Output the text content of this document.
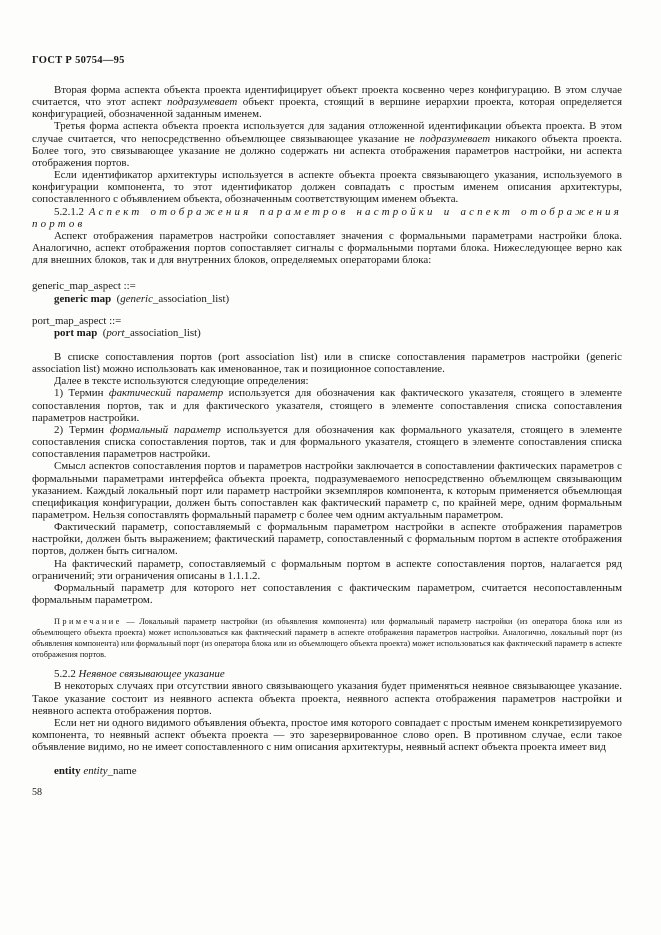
ГОСТ Р 50754—95

Вторая форма аспекта объекта проекта идентифицирует объект проекта косвенно через конфигурацию. В этом случае считается, что этот аспект подразумевает объект проекта, стоящий в вершине иерархии проекта, которая определяется конфигурацией, обозначенной заданным именем.

Третья форма аспекта объекта проекта используется для задания отложенной идентификации объекта проекта. В этом случае считается, что непосредственно объемлющее связывающее указание не подразумевает никакого объекта проекта. Более того, это связывающее указание не должно содержать ни аспекта отображения параметров настройки, ни аспекта отображения портов.

Если идентификатор архитектуры используется в аспекте объекта проекта связывающего указания, используемого в конфигурации компонента, то этот идентификатор должен совпадать с простым именем описания архитектуры, сопоставленного с объявлением объекта, обозначенным соответствующим именем объекта.

5.2.1.2 Аспект отображения параметров настройки и аспект отображения портов

Аспект отображения параметров настройки сопоставляет значения с формальными параметрами настройки блока. Аналогично, аспект отображения портов сопоставляет сигналы с формальными портами блока. Нижеследующее верно как для внешних блоков, так и для внутренних блоков, определяемых операторами блока:

generic_map_aspect ::=
generic map (generic_association_list)
port_map_aspect ::=
port map (port_association_list)

В списке сопоставления портов (port association list) или в списке сопоставления параметров настройки (generic association list) можно использовать как именованное, так и позиционное сопоставление.

Далее в тексте используются следующие определения:

1) Термин фактический параметр используется для обозначения как фактического указателя, стоящего в элементе сопоставления портов, так и для фактического указателя, стоящего в элементе сопоставления списка сопоставления параметров настройки.

2) Термин формальный параметр используется для обозначения как формального указателя, стоящего в элементе сопоставления списка сопоставления портов, так и для формального указателя, стоящего в элементе сопоставления списка сопоставления параметров настройки.

Смысл аспектов сопоставления портов и параметров настройки заключается в сопоставлении фактических параметров с формальными параметрами интерфейса объекта проекта, подразумеваемого непосредственно объемлющем связывающим указанием. Каждый локальный порт или параметр настройки экземпляров компонента, к которым применяется объемлющая спецификация конфигурации, должен быть сопоставлен как фактический параметр с, по крайней мере, одним формальным параметром. Нельзя сопоставлять формальный параметр с более чем одним актуальным параметром.

Фактический параметр, сопоставляемый с формальным параметром настройки в аспекте отображения параметров настройки, должен быть выражением; фактический параметр, сопоставленный с формальным портом в аспекте отображения портов, должен быть сигналом.

На фактический параметр, сопоставляемый с формальным портом в аспекте сопоставления портов, налагается ряд ограничений; эти ограничения описаны в 1.1.1.2.

Формальный параметр для которого нет сопоставления с фактическим параметром, считается несопоставленным формальным параметром.

Примечание — Локальный параметр настройки (из объявления компонента) или формальный параметр настройки (из оператора блока или из объемлющего объекта проекта) может использоваться как фактический параметр в аспекте отображения параметров настройки. Аналогично, локальный порт (из объявления компонента) или формальный порт (из оператора блока или из объемлющего объекта проекта) может использоваться как фактический параметр в аспекте отображения портов.

5.2.2 Неявное связывающее указание

В некоторых случаях при отсутствии явного связывающего указания будет применяться неявное связывающее указание. Такое указание состоит из неявного аспекта объекта проекта, неявного аспекта отображения параметров настройки и неявного аспекта отображения портов.

Если нет ни одного видимого объявления объекта, простое имя которого совпадает с простым именем конкретизируемого компонента, то неявный аспект объекта проекта — это зарезервированное слово open. В противном случае, если такое объявление видимо, но не имеет сопоставленного с ним описания архитектуры, неявный аспект объекта проекта имеет вид

entity entity_name

58
